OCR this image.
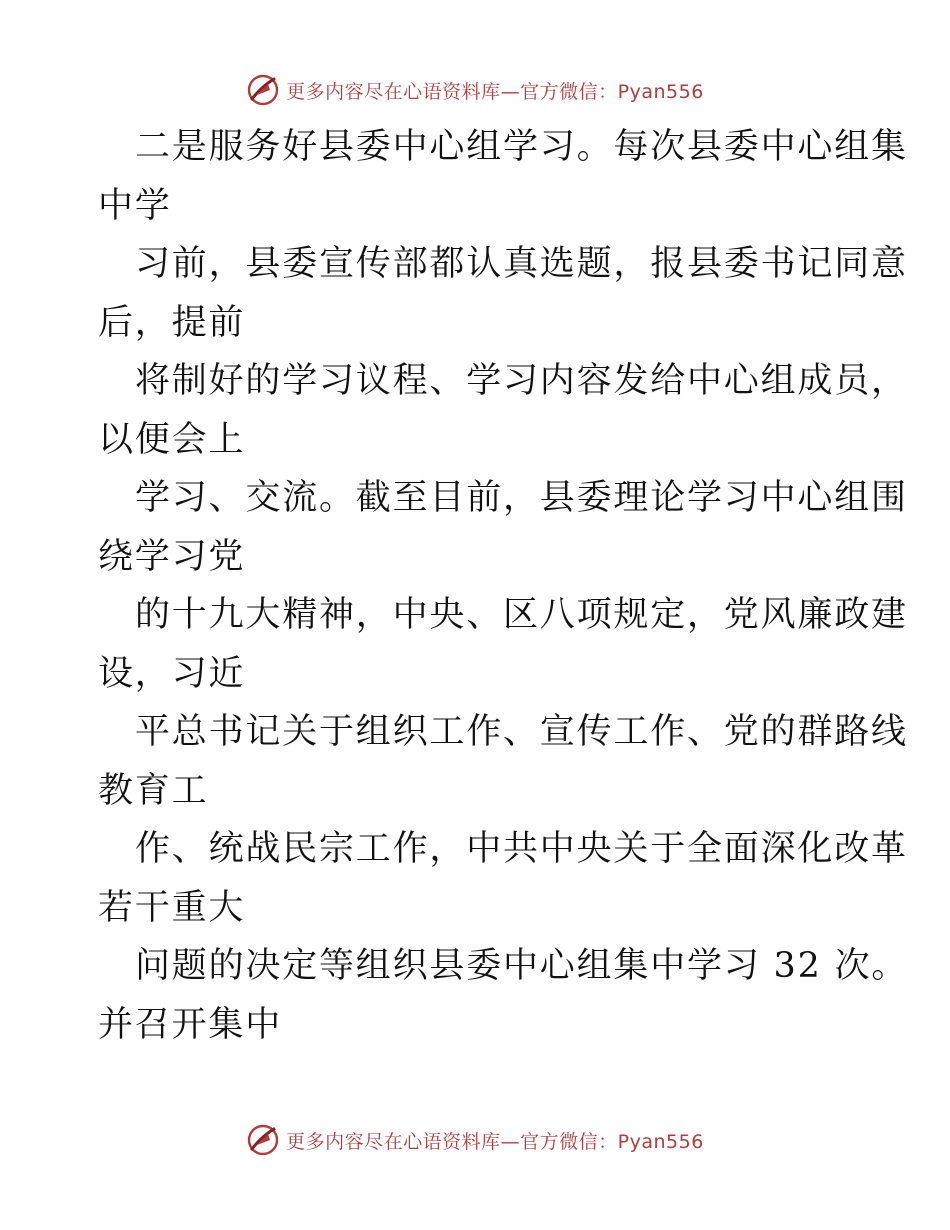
更多内容尽在心语资料库—官方微信：Pyan556
二是服务好县委中心组学习。每次县委中心组集
中学
习前，县委宣传部都认真选题，报县委书记同意
后，提前
将制好的学习议程、学习内容发给中心组成员，
以便会上
学习、交流。截至目前，县委理论学习中心组围
绕学习党
的十九大精神，中央、区八项规定，党风廉政建
设，习近
平总书记关于组织工作、宣传工作、党的群路线
教育工
作、统战民宗工作，中共中央关于全面深化改革
若干重大
问题的决定等组织县委中心组集中学习 32 次。
并召开集中
更多内容尽在心语资料库—官方微信：Pyan556
